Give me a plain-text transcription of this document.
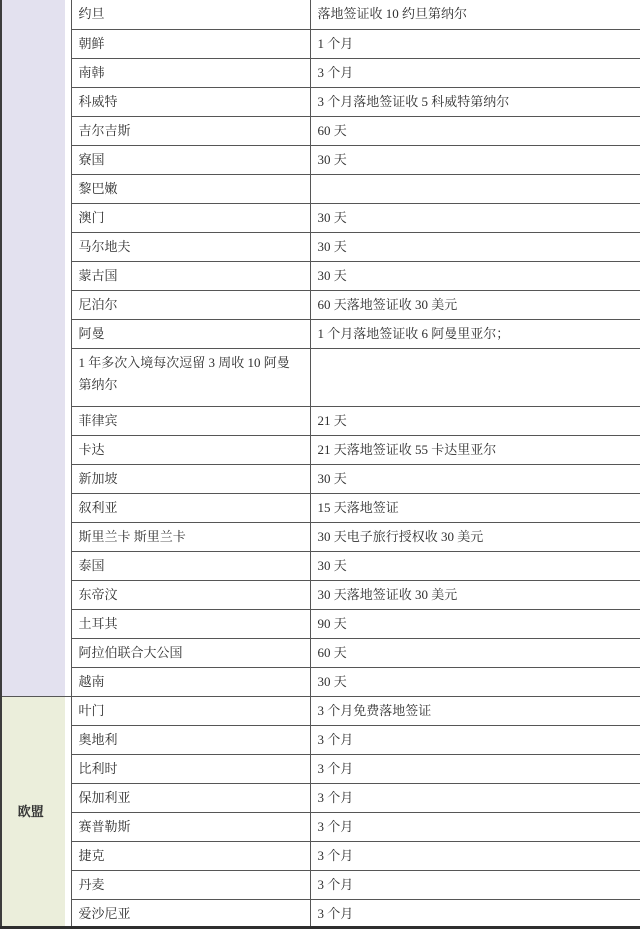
	约旦	落地签证收 10 约旦第纳尔
	朝鲜	1 个月
	南韩	3 个月
	科威特	3 个月落地签证收 5 科威特第纳尔
	吉尔吉斯	60 天
	寮国	30 天
	黎巴嫩	
	澳门	30 天
	马尔地夫	30 天
	蒙古国	30 天
	尼泊尔	60 天落地签证收 30 美元
	阿曼	1 个月落地签证收 6 阿曼里亚尔；
	1 年多次入境每次逗留 3 周收 10 阿曼第纳尔	
	菲律宾	21 天
	卡达	21 天落地签证收 55 卡达里亚尔
	新加坡	30 天
	叙利亚	15 天落地签证
	斯里兰卡 斯里兰卡	30 天电子旅行授权收 30 美元
	泰国	30 天
	东帝汶	30 天落地签证收 30 美元
	土耳其	90 天
	阿拉伯联合大公国	60 天
	越南	30 天
欧盟	叶门	3 个月免费落地签证
	奥地利	3 个月
	比利时	3 个月
	保加利亚	3 个月
	赛普勒斯	3 个月
	捷克	3 个月
	丹麦	3 个月
	爱沙尼亚	3 个月
